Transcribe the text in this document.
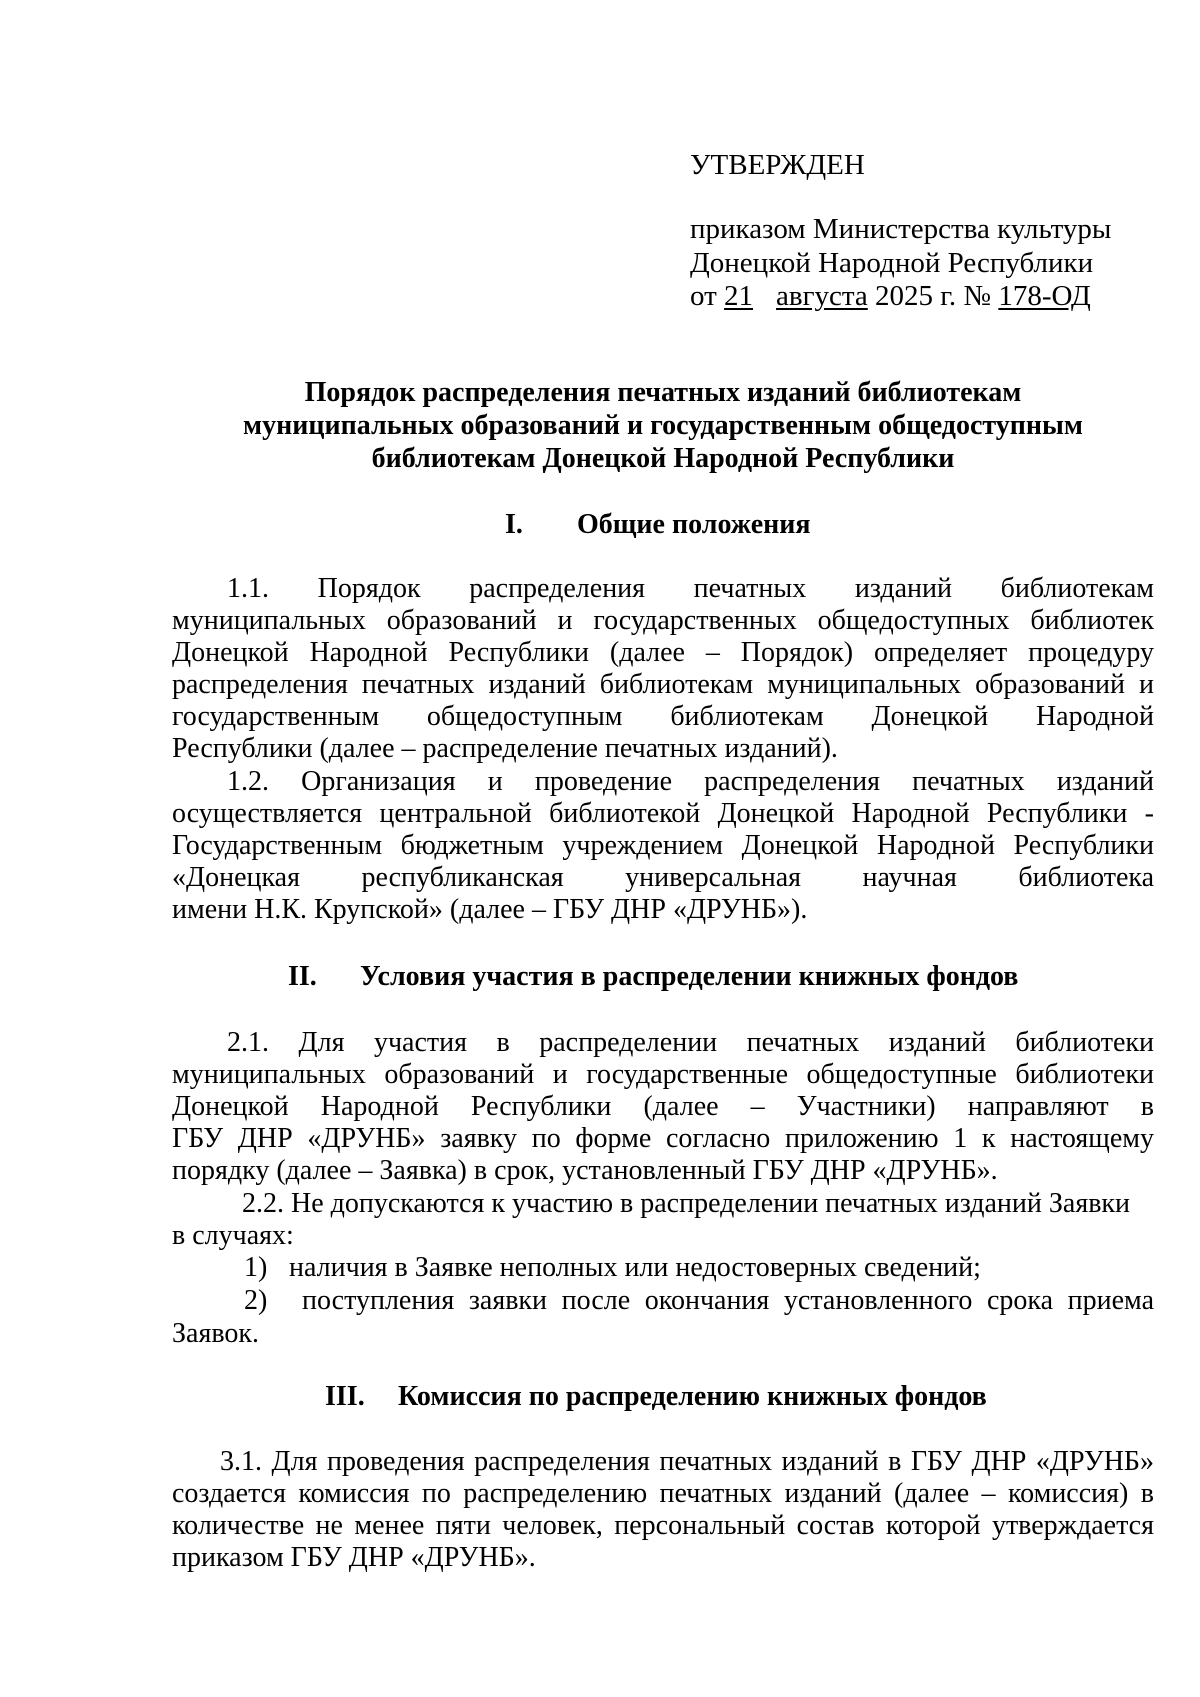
УТВЕРЖДЕН
приказом Министерства культуры
Донецкой Народной Республики
от 21 августа 2025 г. № 178-ОД
Порядок распределения печатных изданий библиотекам
муниципальных образований и государственным общедоступным
библиотекам Донецкой Народной Республики
I. Общие положения
1.1. Порядок распределения печатных изданий библиотекам
муниципальных образований и государственных общедоступных библиотек
Донецкой Народной Республики (далее – Порядок) определяет процедуру
распределения печатных изданий библиотекам муниципальных образований и
государственным общедоступным библиотекам Донецкой Народной
Республики (далее – распределение печатных изданий).
1.2. Организация и проведение распределения печатных изданий
осуществляется центральной библиотекой Донецкой Народной Республики -
Государственным бюджетным учреждением Донецкой Народной Республики
«Донецкая республиканская универсальная научная библиотека
имени Н.К. Крупской» (далее – ГБУ ДНР «ДРУНБ»).
II. Условия участия в распределении книжных фондов
2.1. Для участия в распределении печатных изданий библиотеки
муниципальных образований и государственные общедоступные библиотеки
Донецкой Народной Республики (далее – Участники) направляют в
ГБУ ДНР «ДРУНБ» заявку по форме согласно приложению 1 к настоящему
порядку (далее – Заявка) в срок, установленный ГБУ ДНР «ДРУНБ».
2.2. Не допускаются к участию в распределении печатных изданий Заявки
в случаях:
1) наличия в Заявке неполных или недостоверных сведений;
2) поступления заявки после окончания установленного срока приема
Заявок.
III. Комиссия по распределению книжных фондов
3.1. Для проведения распределения печатных изданий в ГБУ ДНР «ДРУНБ»
создается комиссия по распределению печатных изданий (далее – комиссия) в
количестве не менее пяти человек, персональный состав которой утверждается
приказом ГБУ ДНР «ДРУНБ».
